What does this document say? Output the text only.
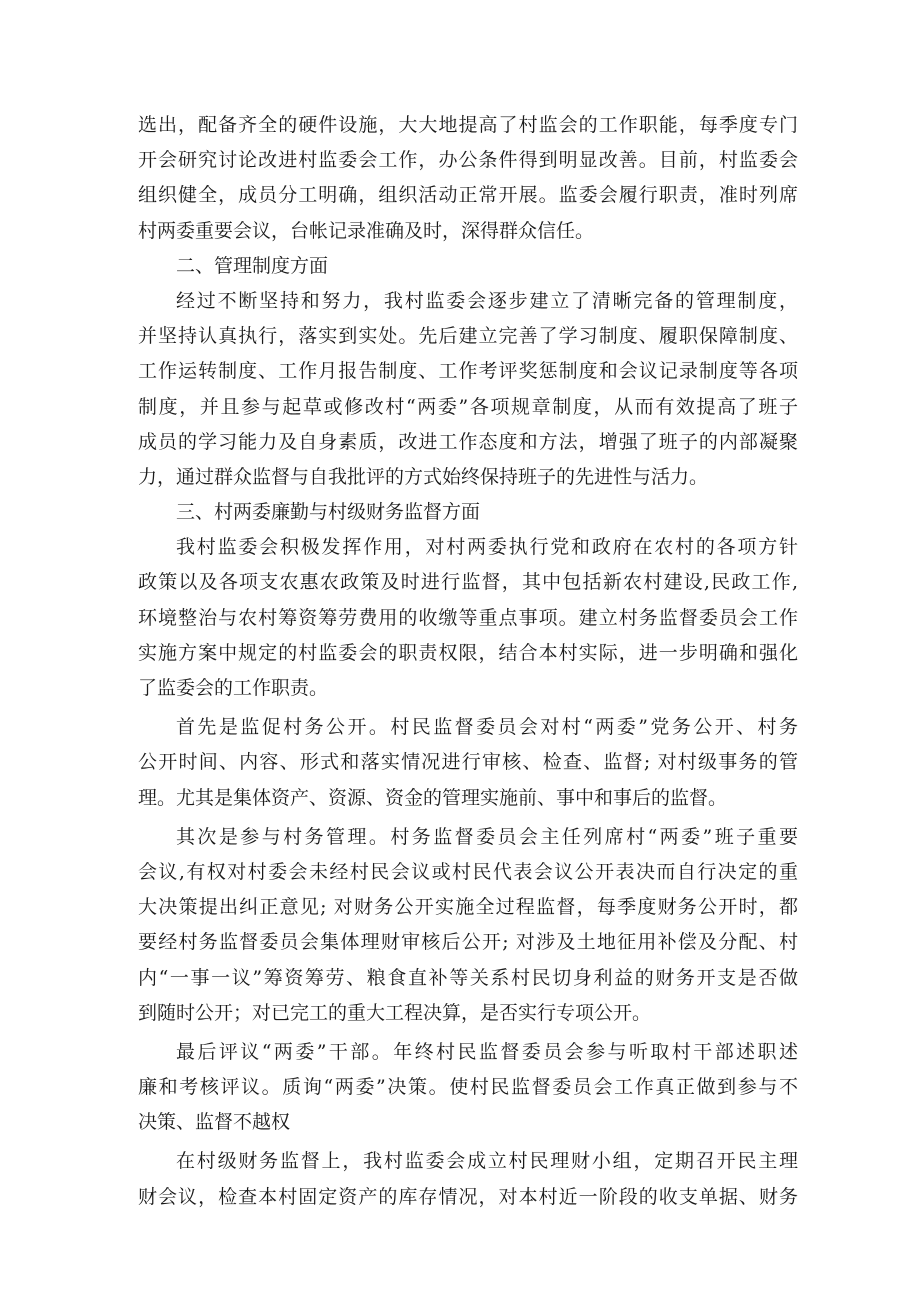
选出，配备齐全的硬件设施，大大地提高了村监会的工作职能，每季度专门
开会研究讨论改进村监委会工作，办公条件得到明显改善。目前，村监委会
组织健全，成员分工明确，组织活动正常开展。监委会履行职责，准时列席
村两委重要会议，台帐记录准确及时，深得群众信任。
二、管理制度方面
经过不断坚持和努力，我村监委会逐步建立了清晰完备的管理制度，
并坚持认真执行，落实到实处。先后建立完善了学习制度、履职保障制度、
工作运转制度、工作月报告制度、工作考评奖惩制度和会议记录制度等各项
制度，并且参与起草或修改村“两委”各项规章制度，从而有效提高了班子
成员的学习能力及自身素质，改进工作态度和方法，增强了班子的内部凝聚
力，通过群众监督与自我批评的方式始终保持班子的先进性与活力。
三、村两委廉勤与村级财务监督方面
我村监委会积极发挥作用，对村两委执行党和政府在农村的各项方针
政策以及各项支农惠农政策及时进行监督，其中包括新农村建设,民政工作,
环境整治与农村筹资筹劳费用的收缴等重点事项。建立村务监督委员会工作
实施方案中规定的村监委会的职责权限，结合本村实际，进一步明确和强化
了监委会的工作职责。
首先是监促村务公开。村民监督委员会对村“两委”党务公开、村务
公开时间、内容、形式和落实情况进行审核、检查、监督; 对村级事务的管
理。尤其是集体资产、资源、资金的管理实施前、事中和事后的监督。
其次是参与村务管理。村务监督委员会主任列席村“两委”班子重要
会议,有权对村委会未经村民会议或村民代表会议公开表决而自行决定的重
大决策提出纠正意见; 对财务公开实施全过程监督，每季度财务公开时，都
要经村务监督委员会集体理财审核后公开; 对涉及土地征用补偿及分配、村
内“一事一议”筹资筹劳、粮食直补等关系村民切身利益的财务开支是否做
到随时公开；对已完工的重大工程决算，是否实行专项公开。
最后评议“两委”干部。年终村民监督委员会参与听取村干部述职述
廉和考核评议。质询“两委”决策。使村民监督委员会工作真正做到参与不
决策、监督不越权
在村级财务监督上，我村监委会成立村民理财小组，定期召开民主理
财会议，检查本村固定资产的库存情况，对本村近一阶段的收支单据、财务
